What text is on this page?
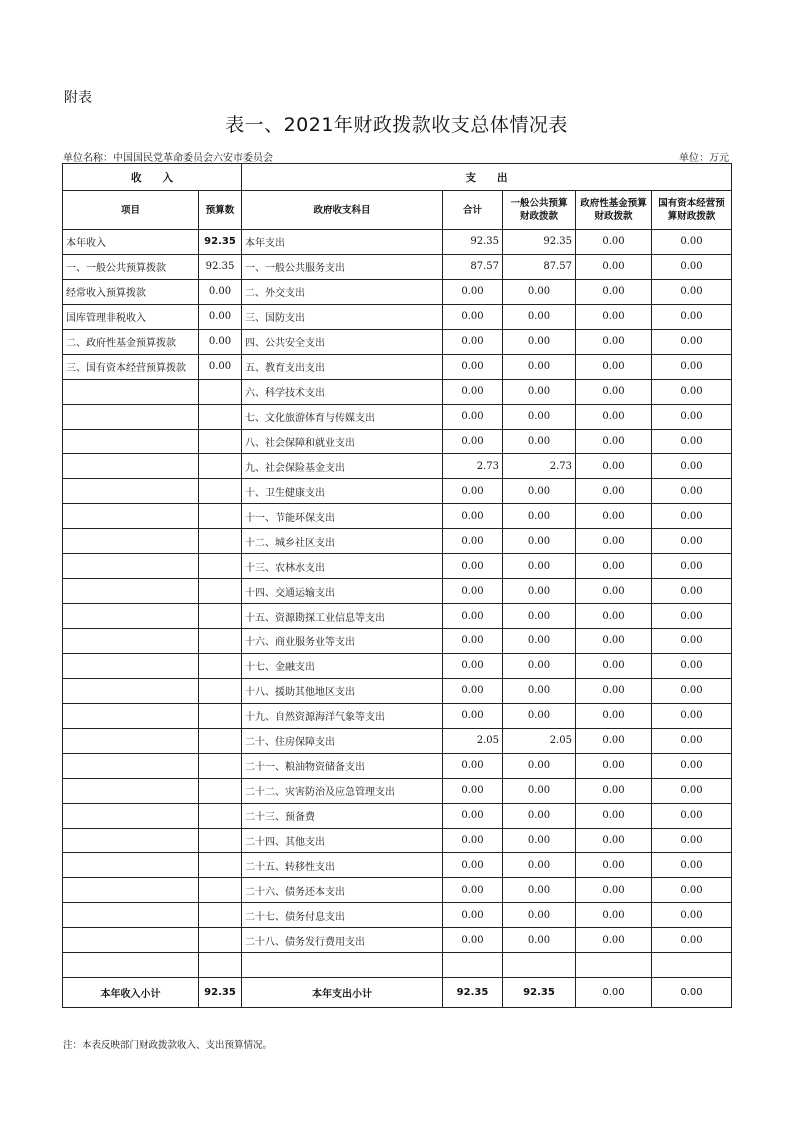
附表
表一、2021年财政拨款收支总体情况表
单位名称：中国国民党革命委员会六安市委员会	单位：万元
收　　入		支　　出				
项目	预算数	政府收支科目	合计	一般公共预算财政拨款	政府性基金预算财政拨款	国有资本经营预算财政拨款
本年收入	92.35	本年支出	92.35	92.35	0.00	0.00
一、一般公共预算拨款	92.35	一、一般公共服务支出	87.57	87.57	0.00	0.00
经常收入预算拨款	0.00	二、外交支出	0.00	0.00	0.00	0.00
国库管理非税收入	0.00	三、国防支出	0.00	0.00	0.00	0.00
二、政府性基金预算拨款	0.00	四、公共安全支出	0.00	0.00	0.00	0.00
三、国有资本经营预算拨款	0.00	五、教育支出支出	0.00	0.00	0.00	0.00
		六、科学技术支出	0.00	0.00	0.00	0.00
		七、文化旅游体育与传媒支出	0.00	0.00	0.00	0.00
		八、社会保障和就业支出	0.00	0.00	0.00	0.00
		九、社会保险基金支出	2.73	2.73	0.00	0.00
		十、卫生健康支出	0.00	0.00	0.00	0.00
		十一、节能环保支出	0.00	0.00	0.00	0.00
		十二、城乡社区支出	0.00	0.00	0.00	0.00
		十三、农林水支出	0.00	0.00	0.00	0.00
		十四、交通运输支出	0.00	0.00	0.00	0.00
		十五、资源勘探工业信息等支出	0.00	0.00	0.00	0.00
		十六、商业服务业等支出	0.00	0.00	0.00	0.00
		十七、金融支出	0.00	0.00	0.00	0.00
		十八、援助其他地区支出	0.00	0.00	0.00	0.00
		十九、自然资源海洋气象等支出	0.00	0.00	0.00	0.00
		二十、住房保障支出	2.05	2.05	0.00	0.00
		二十一、粮油物资储备支出	0.00	0.00	0.00	0.00
		二十二、灾害防治及应急管理支出	0.00	0.00	0.00	0.00
		二十三、预备费	0.00	0.00	0.00	0.00
		二十四、其他支出	0.00	0.00	0.00	0.00
		二十五、转移性支出	0.00	0.00	0.00	0.00
		二十六、债务还本支出	0.00	0.00	0.00	0.00
		二十七、债务付息支出	0.00	0.00	0.00	0.00
		二十八、债务发行费用支出	0.00	0.00	0.00	0.00

本年收入小计	92.35	本年支出小计	92.35	92.35	0.00	0.00
注：本表反映部门财政拨款收入、支出预算情况。
